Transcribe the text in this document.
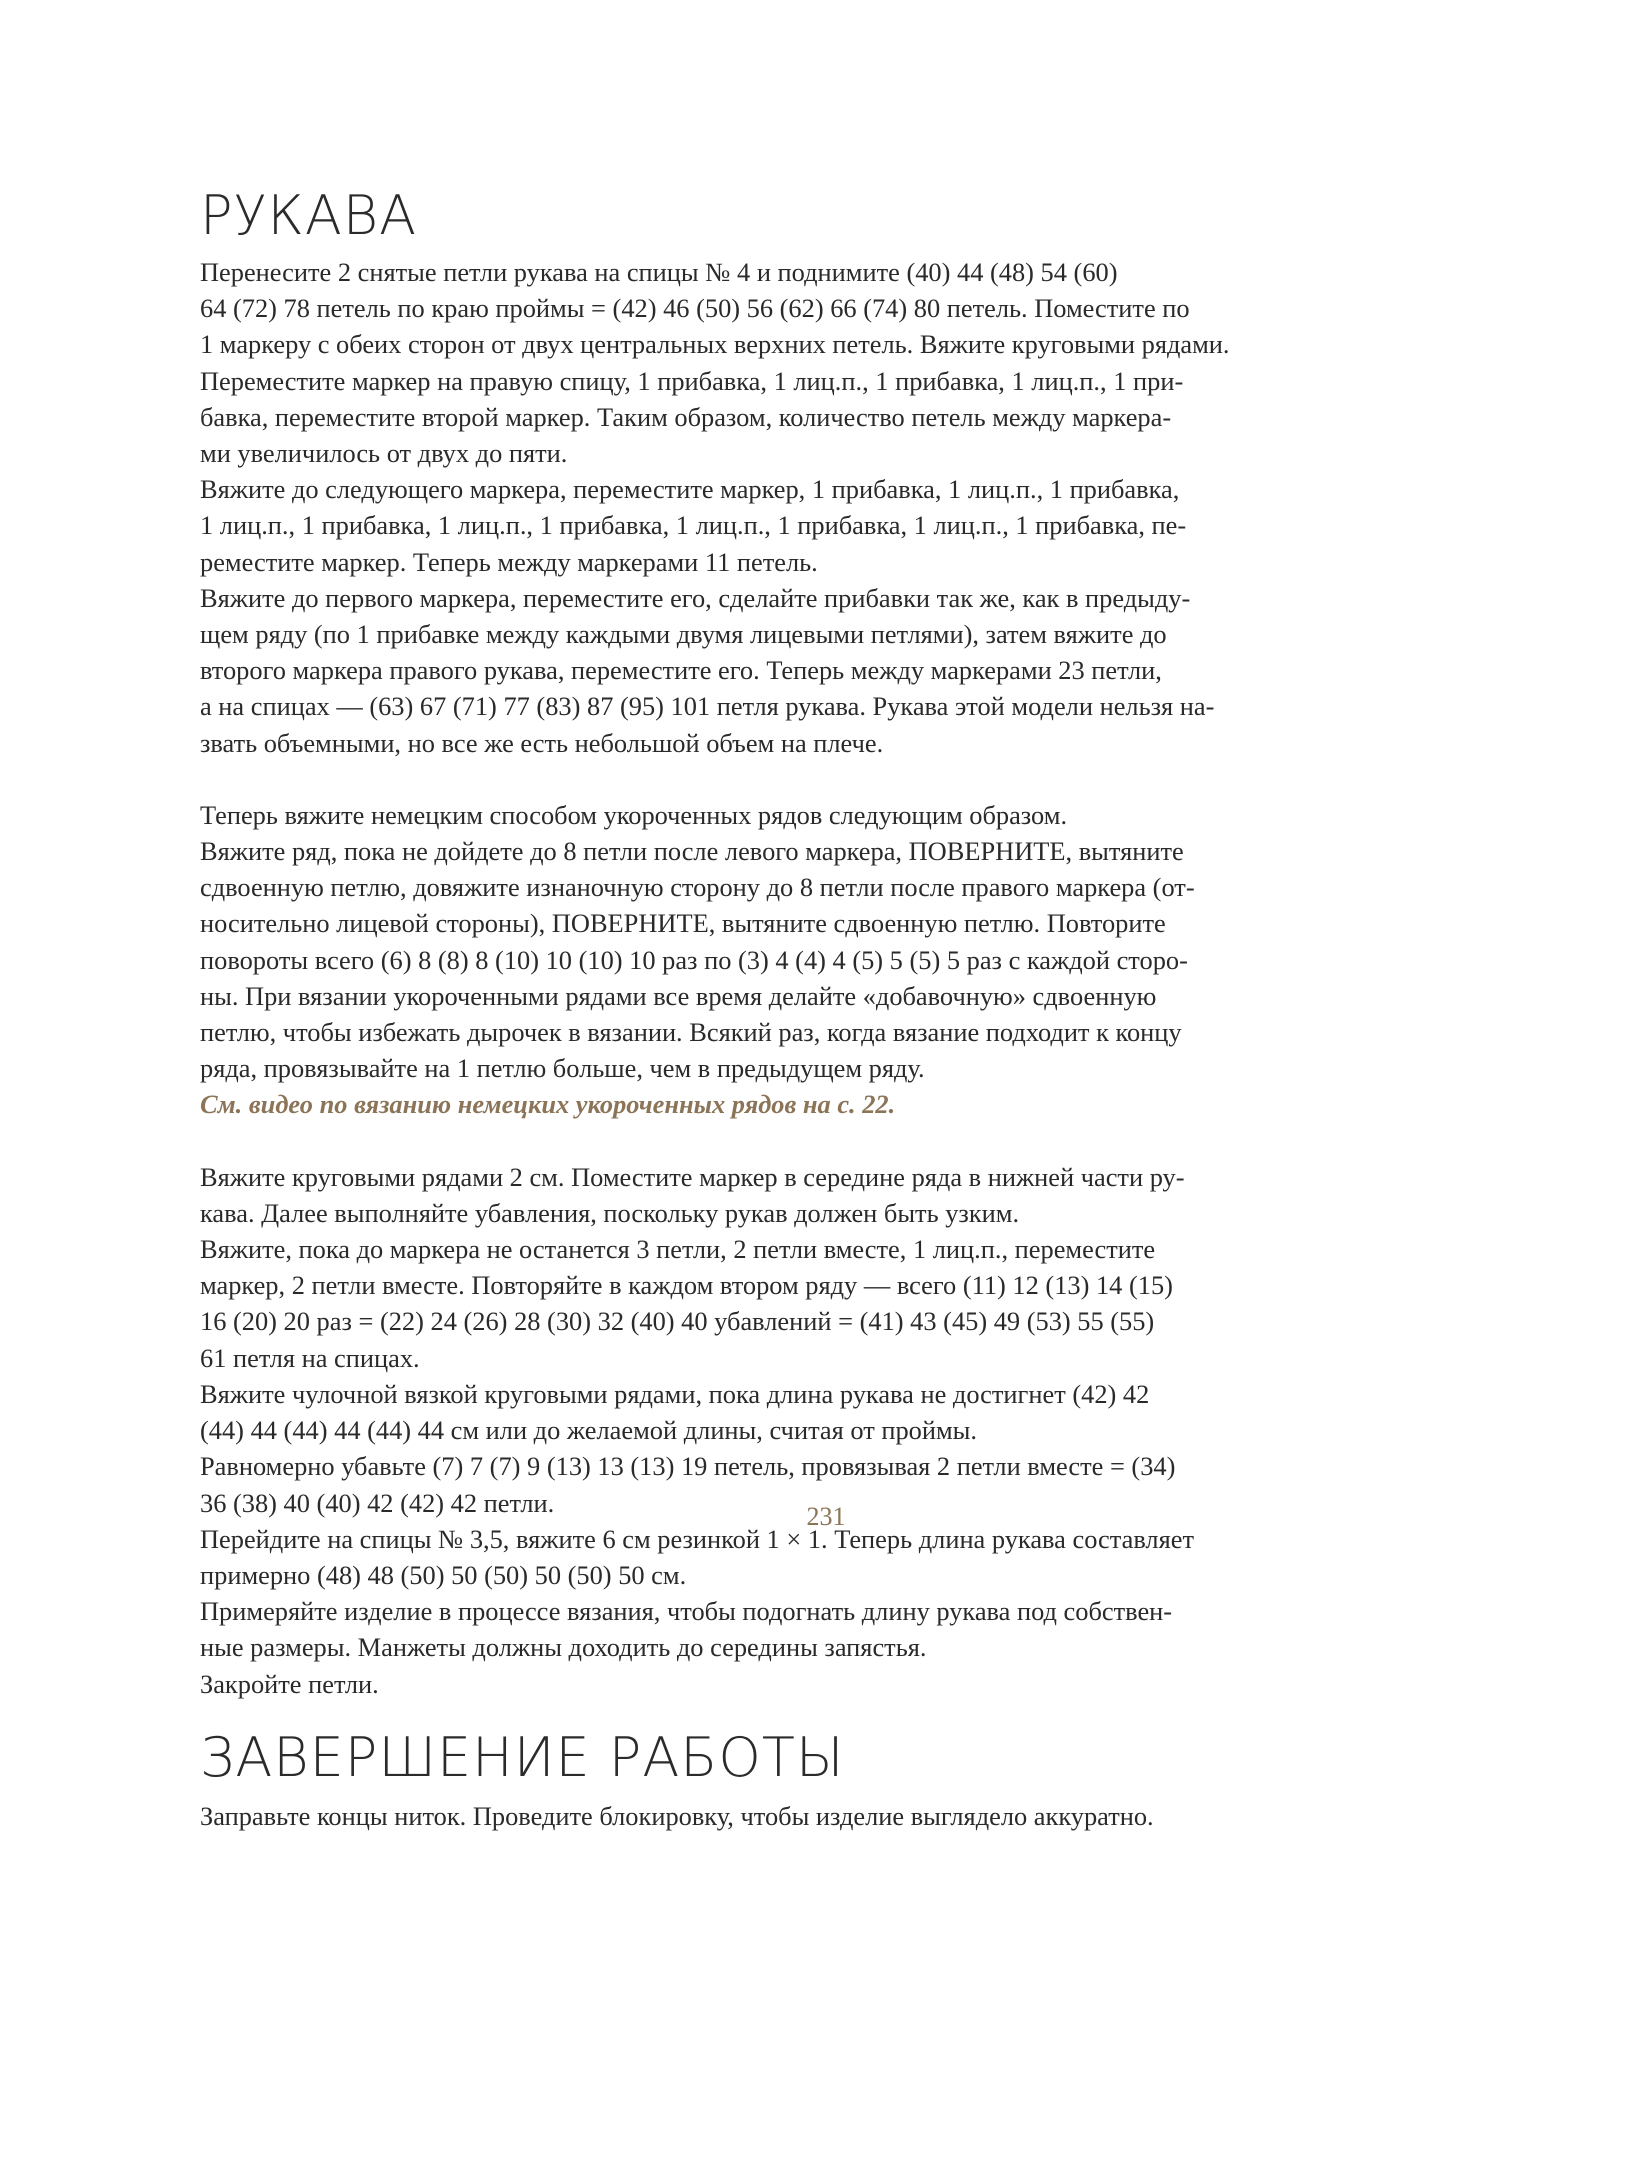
РУКАВА
Перенесите 2 снятые петли рукава на спицы № 4 и поднимите (40) 44 (48) 54 (60)
64 (72) 78 петель по краю проймы = (42) 46 (50) 56 (62) 66 (74) 80 петель. Поместите по
1 маркеру с обеих сторон от двух центральных верхних петель. Вяжите круговыми рядами.
Переместите маркер на правую спицу, 1 прибавка, 1 лиц.п., 1 прибавка, 1 лиц.п., 1 при-
бавка, переместите второй маркер. Таким образом, количество петель между маркера-
ми увеличилось от двух до пяти.
Вяжите до следующего маркера, переместите маркер, 1 прибавка, 1 лиц.п., 1 прибавка,
1 лиц.п., 1 прибавка, 1 лиц.п., 1 прибавка, 1 лиц.п., 1 прибавка, 1 лиц.п., 1 прибавка, пе-
реместите маркер. Теперь между маркерами 11 петель.
Вяжите до первого маркера, переместите его, сделайте прибавки так же, как в предыду-
щем ряду (по 1 прибавке между каждыми двумя лицевыми петлями), затем вяжите до
второго маркера правого рукава, переместите его. Теперь между маркерами 23 петли,
а на спицах — (63) 67 (71) 77 (83) 87 (95) 101 петля рукава. Рукава этой модели нельзя на-
звать объемными, но все же есть небольшой объем на плече.
Теперь вяжите немецким способом укороченных рядов следующим образом.
Вяжите ряд, пока не дойдете до 8 петли после левого маркера, ПОВЕРНИТЕ, вытяните
сдвоенную петлю, довяжите изнаночную сторону до 8 петли после правого маркера (от-
носительно лицевой стороны), ПОВЕРНИТЕ, вытяните сдвоенную петлю. Повторите
повороты всего (6) 8 (8) 8 (10) 10 (10) 10 раз по (3) 4 (4) 4 (5) 5 (5) 5 раз с каждой сторо-
ны. При вязании укороченными рядами все время делайте «добавочную» сдвоенную
петлю, чтобы избежать дырочек в вязании. Всякий раз, когда вязание подходит к концу
ряда, провязывайте на 1 петлю больше, чем в предыдущем ряду.
См. видео по вязанию немецких укороченных рядов на с. 22.
Вяжите круговыми рядами 2 см. Поместите маркер в середине ряда в нижней части ру-
кава. Далее выполняйте убавления, поскольку рукав должен быть узким.
Вяжите, пока до маркера не останется 3 петли, 2 петли вместе, 1 лиц.п., переместите
маркер, 2 петли вместе. Повторяйте в каждом втором ряду — всего (11) 12 (13) 14 (15)
16 (20) 20 раз = (22) 24 (26) 28 (30) 32 (40) 40 убавлений = (41) 43 (45) 49 (53) 55 (55)
61 петля на спицах.
Вяжите чулочной вязкой круговыми рядами, пока длина рукава не достигнет (42) 42
(44) 44 (44) 44 (44) 44 см или до желаемой длины, считая от проймы.
Равномерно убавьте (7) 7 (7) 9 (13) 13 (13) 19 петель, провязывая 2 петли вместе = (34)
36 (38) 40 (40) 42 (42) 42 петли.
Перейдите на спицы № 3,5, вяжите 6 см резинкой 1 × 1. Теперь длина рукава составляет
примерно (48) 48 (50) 50 (50) 50 (50) 50 см.
Примеряйте изделие в процессе вязания, чтобы подогнать длину рукава под собствен-
ные размеры. Манжеты должны доходить до середины запястья.
Закройте петли.
ЗАВЕРШЕНИЕ РАБОТЫ
Заправьте концы ниток. Проведите блокировку, чтобы изделие выглядело аккуратно.
231
